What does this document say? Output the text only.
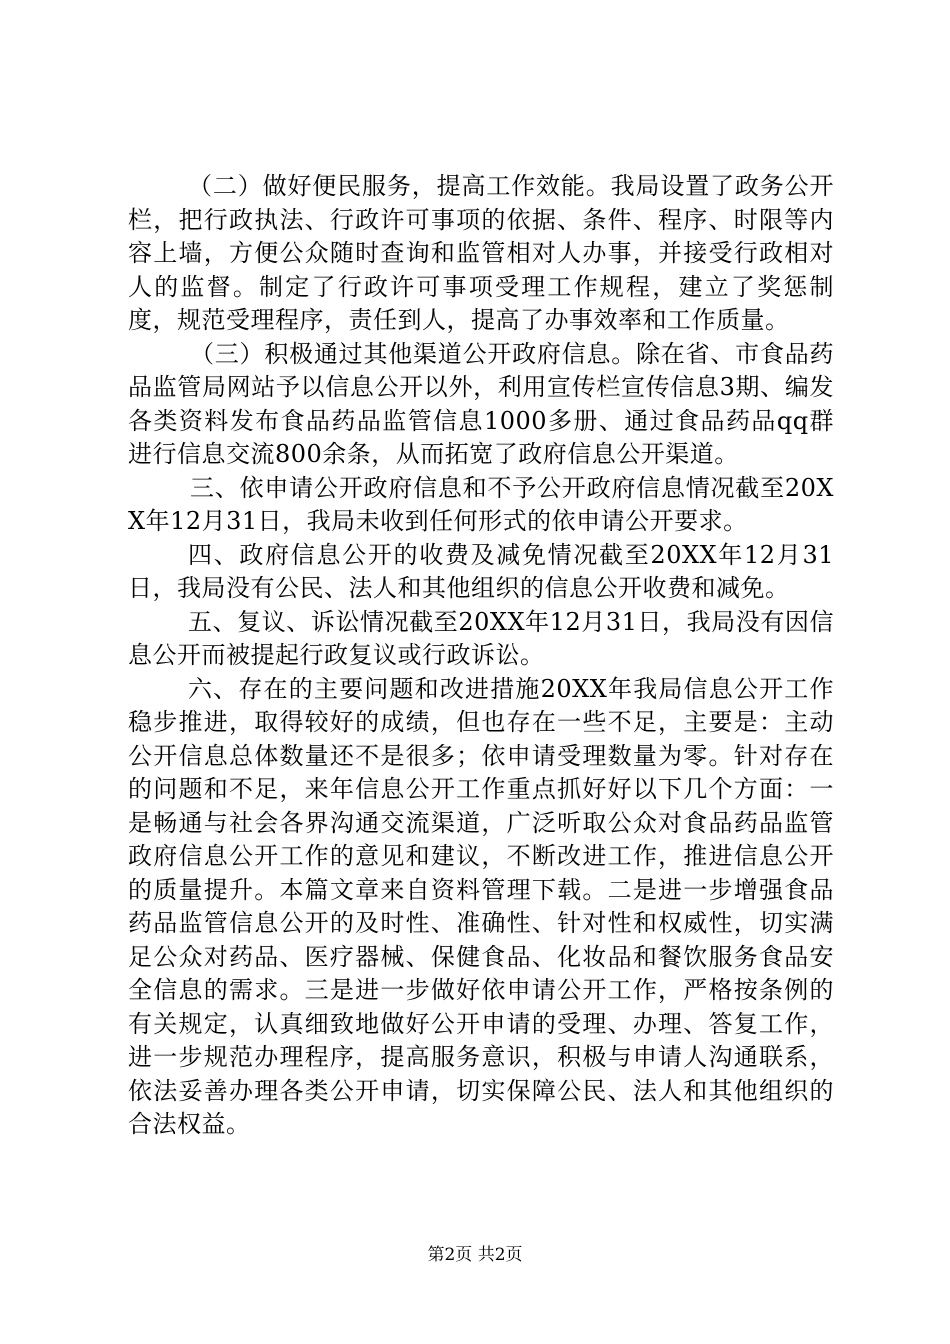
（二）做好便民服务，提高工作效能。我局设置了政务公开栏，把行政执法、行政许可事项的依据、条件、程序、时限等内容上墙，方便公众随时查询和监管相对人办事，并接受行政相对人的监督。制定了行政许可事项受理工作规程，建立了奖惩制度，规范受理程序，责任到人，提高了办事效率和工作质量。

（三）积极通过其他渠道公开政府信息。除在省、市食品药品监管局网站予以信息公开以外，利用宣传栏宣传信息3期、编发各类资料发布食品药品监管信息1000多册、通过食品药品qq群进行信息交流800余条，从而拓宽了政府信息公开渠道。

三、依申请公开政府信息和不予公开政府信息情况截至20XX年12月31日，我局未收到任何形式的依申请公开要求。

四、政府信息公开的收费及减免情况截至20XX年12月31日，我局没有公民、法人和其他组织的信息公开收费和减免。

五、复议、诉讼情况截至20XX年12月31日，我局没有因信息公开而被提起行政复议或行政诉讼。

六、存在的主要问题和改进措施20XX年我局信息公开工作稳步推进，取得较好的成绩，但也存在一些不足，主要是：主动公开信息总体数量还不是很多；依申请受理数量为零。针对存在的问题和不足，来年信息公开工作重点抓好好以下几个方面：一是畅通与社会各界沟通交流渠道，广泛听取公众对食品药品监管政府信息公开工作的意见和建议，不断改进工作，推进信息公开的质量提升。本篇文章来自资料管理下载。二是进一步增强食品药品监管信息公开的及时性、准确性、针对性和权威性，切实满足公众对药品、医疗器械、保健食品、化妆品和餐饮服务食品安全信息的需求。三是进一步做好依申请公开工作，严格按条例的有关规定，认真细致地做好公开申请的受理、办理、答复工作，进一步规范办理程序，提高服务意识，积极与申请人沟通联系，依法妥善办理各类公开申请，切实保障公民、法人和其他组织的合法权益。

第2页 共2页
